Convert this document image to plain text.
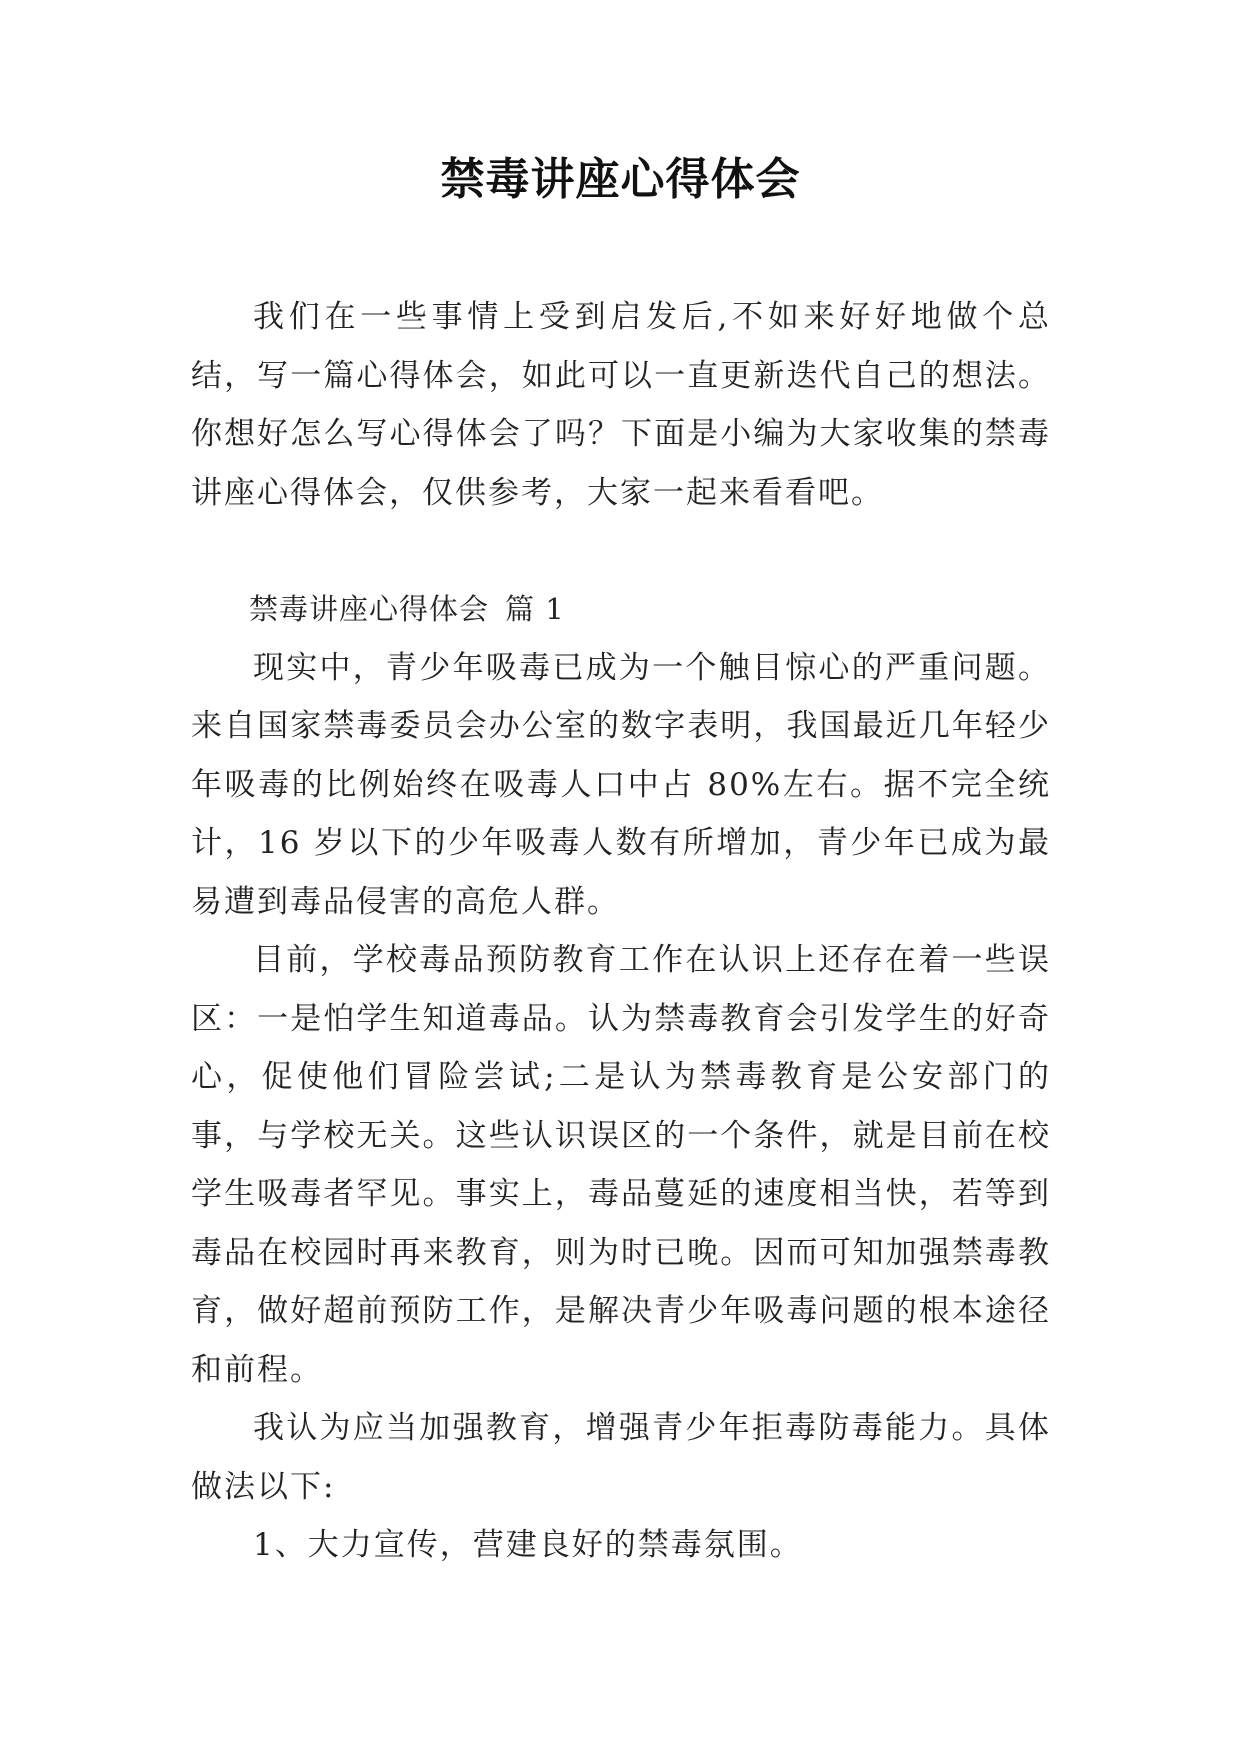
禁毒讲座心得体会

我们在一些事情上受到启发后,不如来好好地做个总结，写一篇心得体会，如此可以一直更新迭代自己的想法。你想好怎么写心得体会了吗？下面是小编为大家收集的禁毒讲座心得体会，仅供参考，大家一起来看看吧。

禁毒讲座心得体会 篇 1

现实中，青少年吸毒已成为一个触目惊心的严重问题。来自国家禁毒委员会办公室的数字表明，我国最近几年轻少年吸毒的比例始终在吸毒人口中占 80%左右。据不完全统计，16 岁以下的少年吸毒人数有所增加，青少年已成为最易遭到毒品侵害的高危人群。

目前，学校毒品预防教育工作在认识上还存在着一些误区：一是怕学生知道毒品。认为禁毒教育会引发学生的好奇心，促使他们冒险尝试;二是认为禁毒教育是公安部门的事，与学校无关。这些认识误区的一个条件，就是目前在校学生吸毒者罕见。事实上，毒品蔓延的速度相当快，若等到毒品在校园时再来教育，则为时已晚。因而可知加强禁毒教育，做好超前预防工作，是解决青少年吸毒问题的根本途径和前程。

我认为应当加强教育，增强青少年拒毒防毒能力。具体做法以下:

1、大力宣传，营建良好的禁毒氛围。
